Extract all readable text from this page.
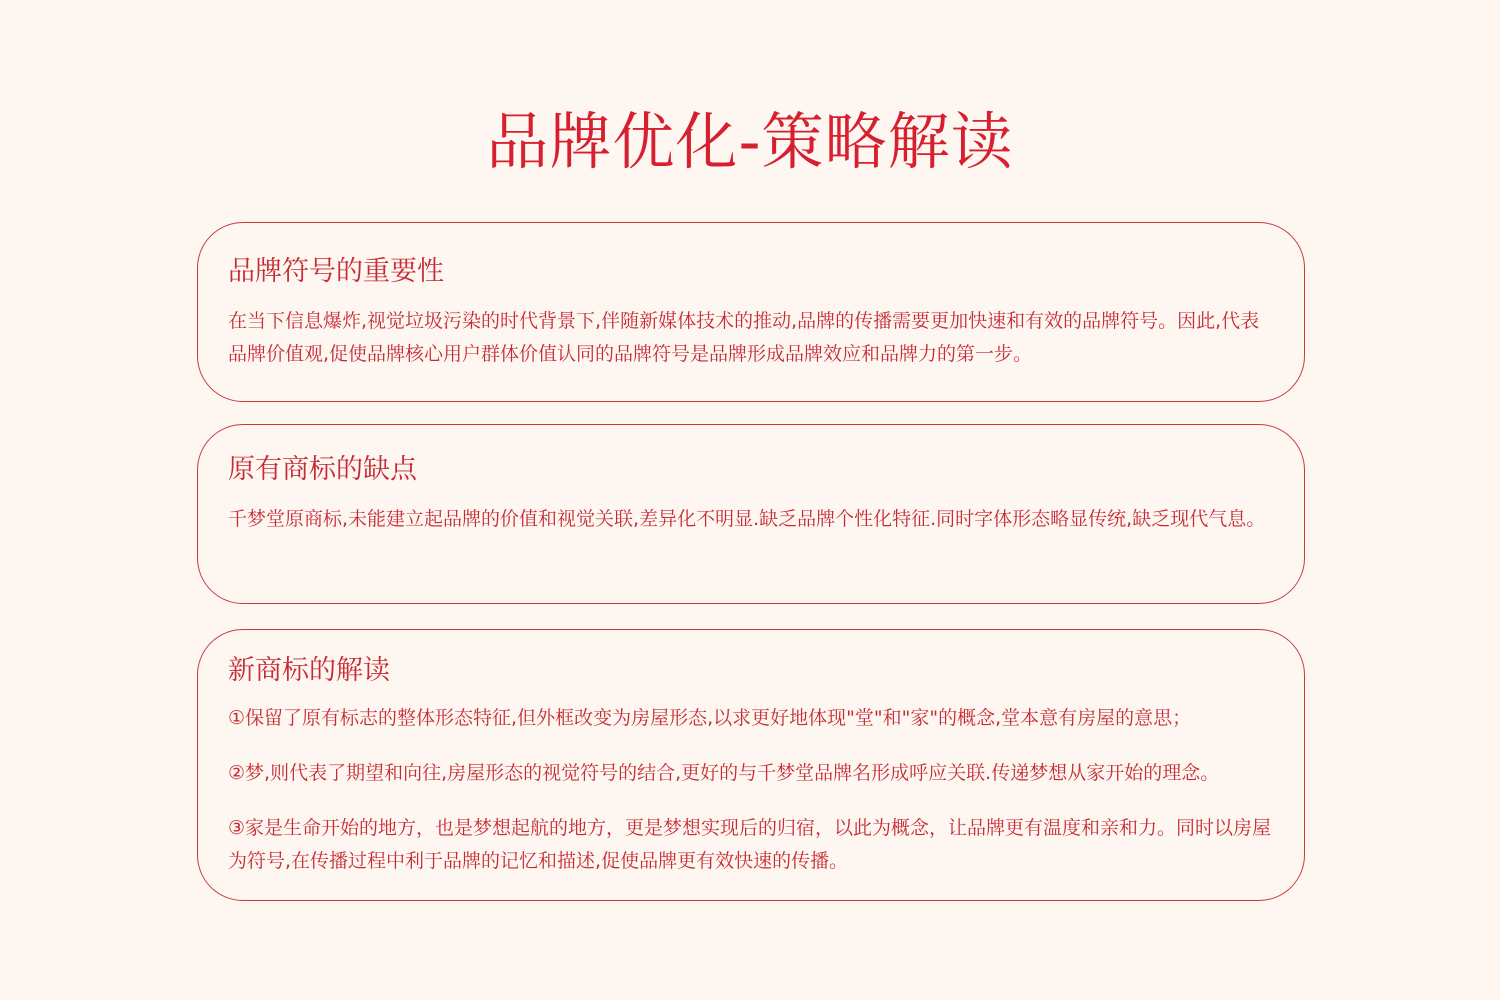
品牌优化-策略解读
品牌符号的重要性

在当下信息爆炸,视觉垃圾污染的时代背景下,伴随新媒体技术的推动,品牌的传播需要更加快速和有效的品牌符号。因此,代表品牌价值观,促使品牌核心用户群体价值认同的品牌符号是品牌形成品牌效应和品牌力的第一步。

原有商标的缺点

千梦堂原商标,未能建立起品牌的价值和视觉关联,差异化不明显.缺乏品牌个性化特征.同时字体形态略显传统,缺乏现代气息。

新商标的解读

①保留了原有标志的整体形态特征,但外框改变为房屋形态,以求更好地体现"堂"和"家"的概念,堂本意有房屋的意思；

②梦,则代表了期望和向往,房屋形态的视觉符号的结合,更好的与千梦堂品牌名形成呼应关联.传递梦想从家开始的理念。

③家是生命开始的地方，也是梦想起航的地方，更是梦想实现后的归宿，以此为概念，让品牌更有温度和亲和力。同时以房屋为符号,在传播过程中利于品牌的记忆和描述,促使品牌更有效快速的传播。
